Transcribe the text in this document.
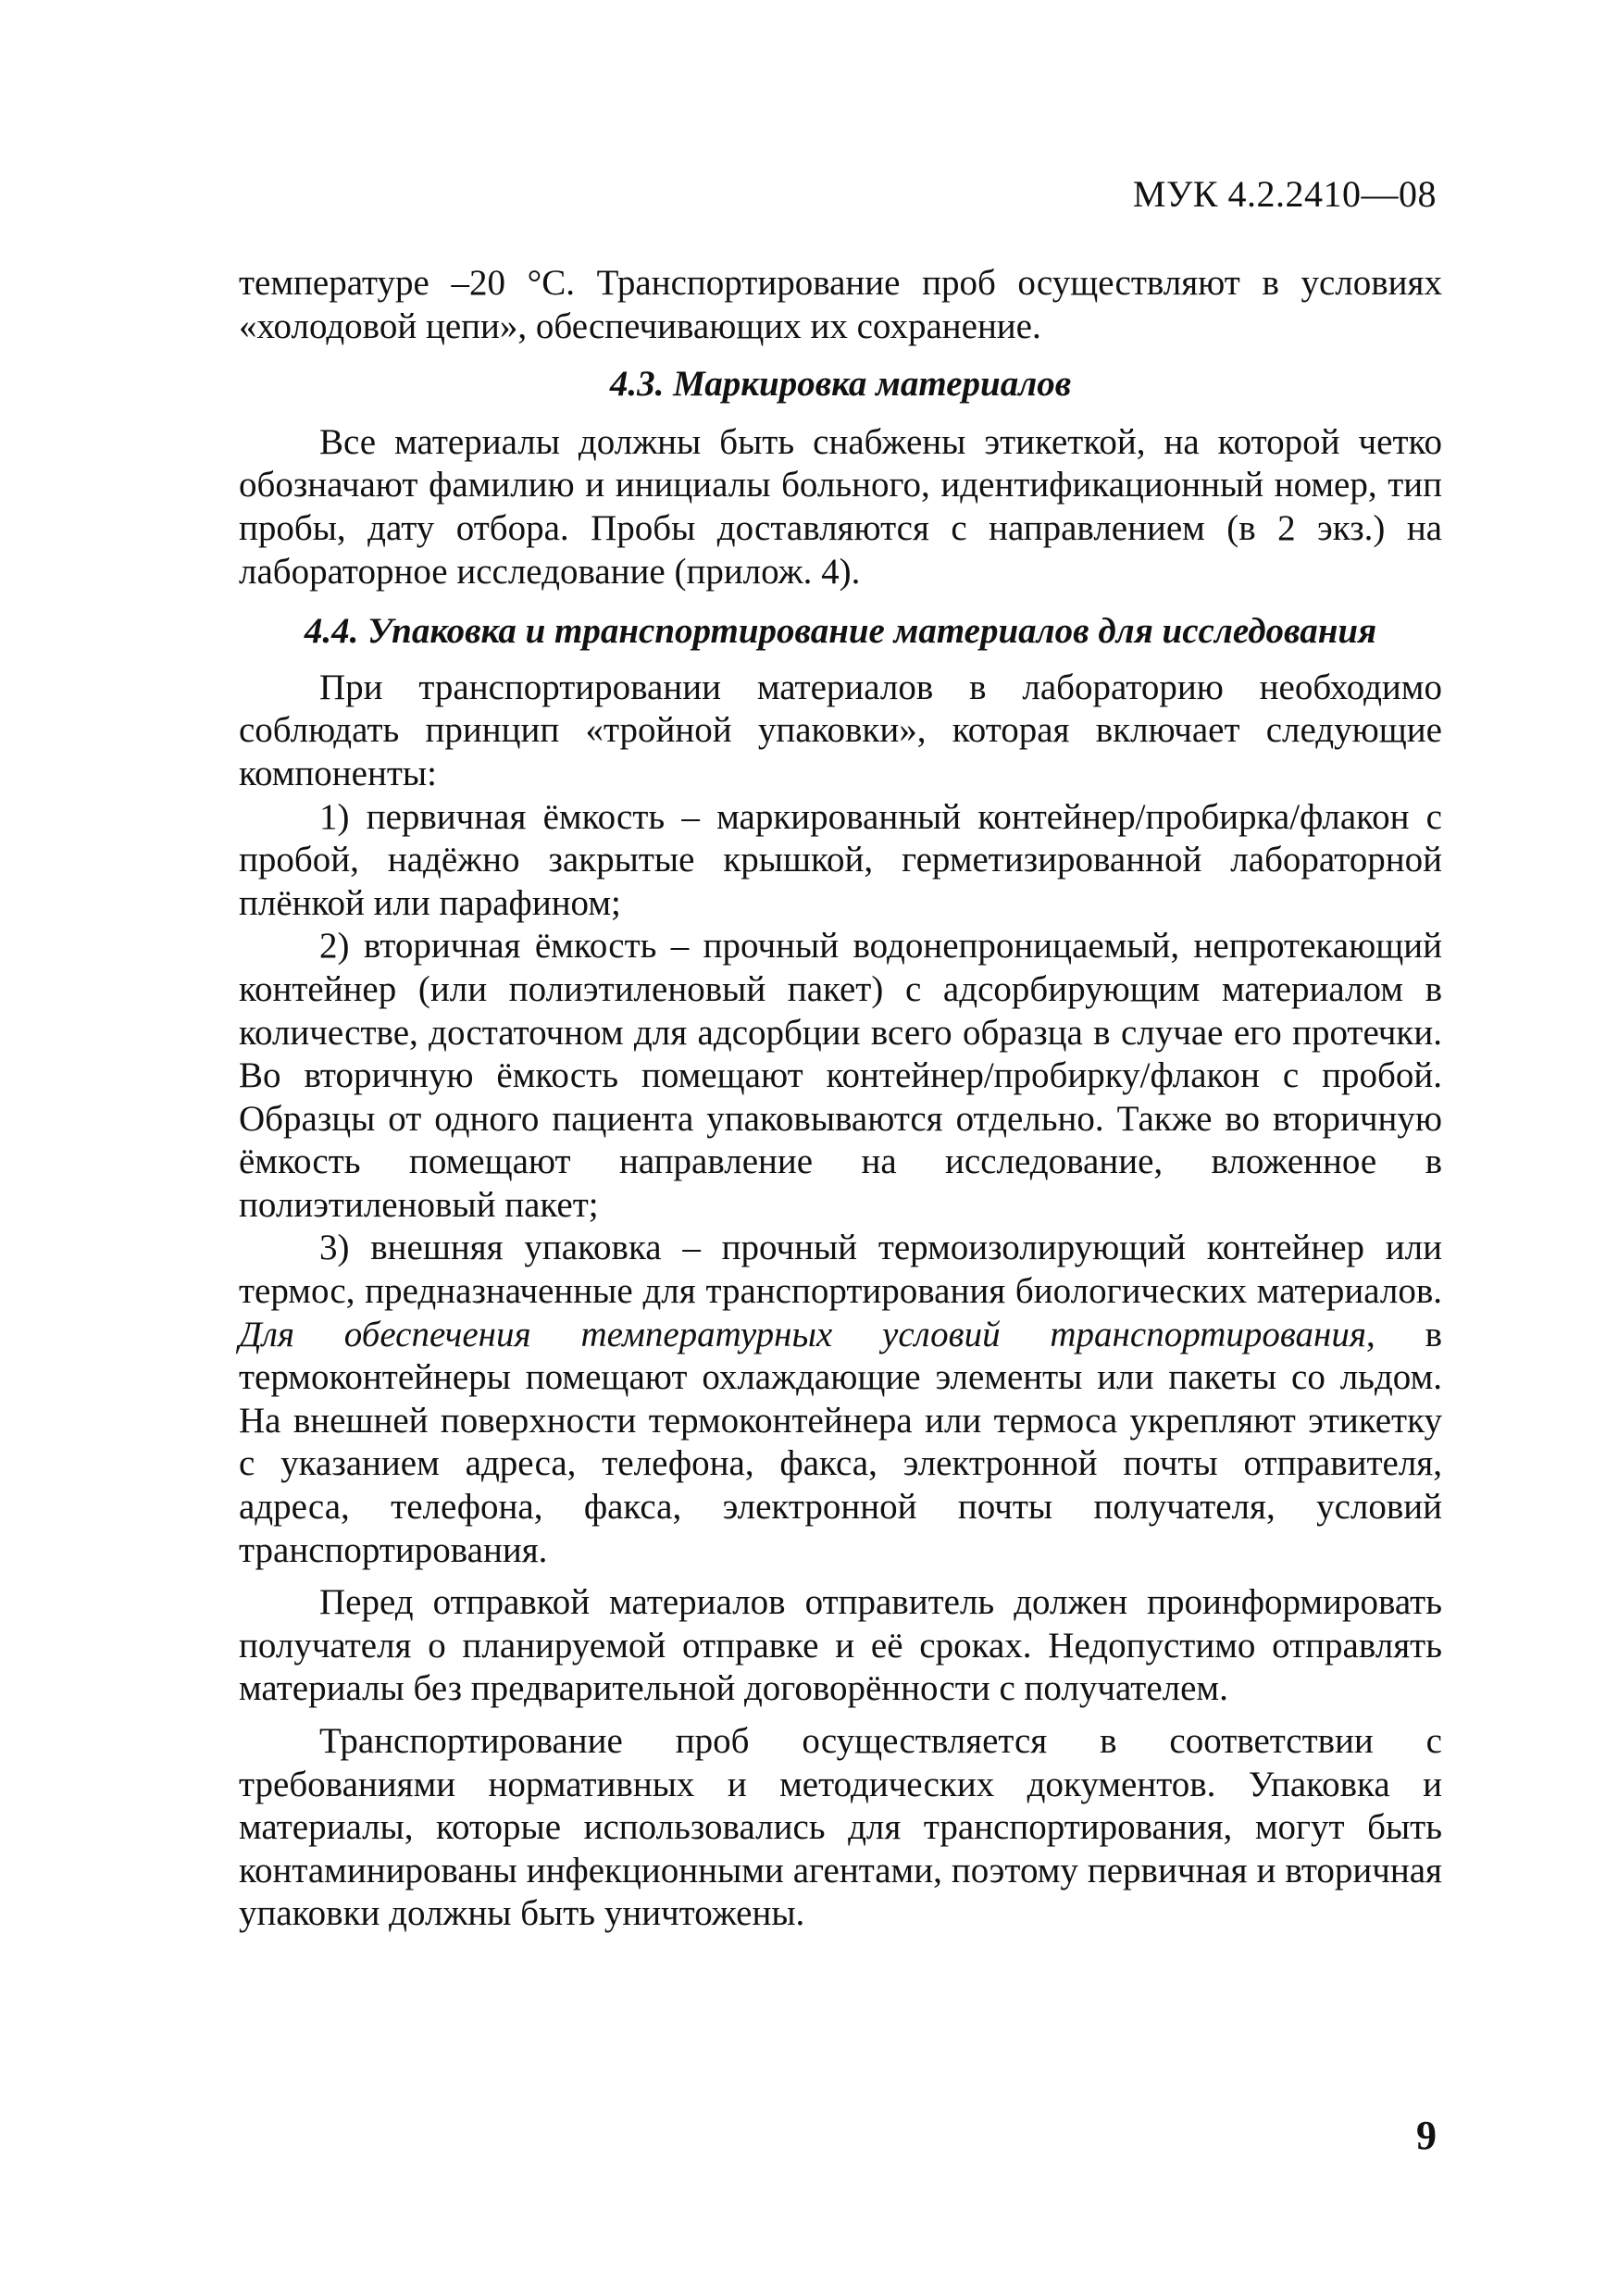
МУК 4.2.2410—08

температуре –20 °С. Транспортирование проб осуществляют в условиях «холодовой цепи», обеспечивающих их сохранение.

4.3. Маркировка материалов

Все материалы должны быть снабжены этикеткой, на которой четко обозначают фамилию и инициалы больного, идентификационный номер, тип пробы, дату отбора. Пробы доставляются с направлением (в 2 экз.) на лабораторное исследование (прилож. 4).

4.4. Упаковка и транспортирование материалов для исследования

При транспортировании материалов в лабораторию необходимо соблюдать принцип «тройной упаковки», которая включает следующие компоненты:

1) первичная ёмкость – маркированный контейнер/пробирка/флакон с пробой, надёжно закрытые крышкой, герметизированной лабораторной плёнкой или парафином;

2) вторичная ёмкость – прочный водонепроницаемый, непротекающий контейнер (или полиэтиленовый пакет) с адсорбирующим материалом в количестве, достаточном для адсорбции всего образца в случае его протечки. Во вторичную ёмкость помещают контейнер/пробирку/флакон с пробой. Образцы от одного пациента упаковываются отдельно. Также во вторичную ёмкость помещают направление на исследование, вложенное в полиэтиленовый пакет;

3) внешняя упаковка – прочный термоизолирующий контейнер или термос, предназначенные для транспортирования биологических материалов. Для обеспечения температурных условий транспортирования, в термоконтейнеры помещают охлаждающие элементы или пакеты со льдом. На внешней поверхности термоконтейнера или термоса укрепляют этикетку с указанием адреса, телефона, факса, электронной почты отправителя, адреса, телефона, факса, электронной почты получателя, условий транспортирования.

Перед отправкой материалов отправитель должен проинформировать получателя о планируемой отправке и её сроках. Недопустимо отправлять материалы без предварительной договорённости с получателем.

Транспортирование проб осуществляется в соответствии с требованиями нормативных и методических документов. Упаковка и материалы, которые использовались для транспортирования, могут быть контаминированы инфекционными агентами, поэтому первичная и вторичная упаковки должны быть уничтожены.

9
